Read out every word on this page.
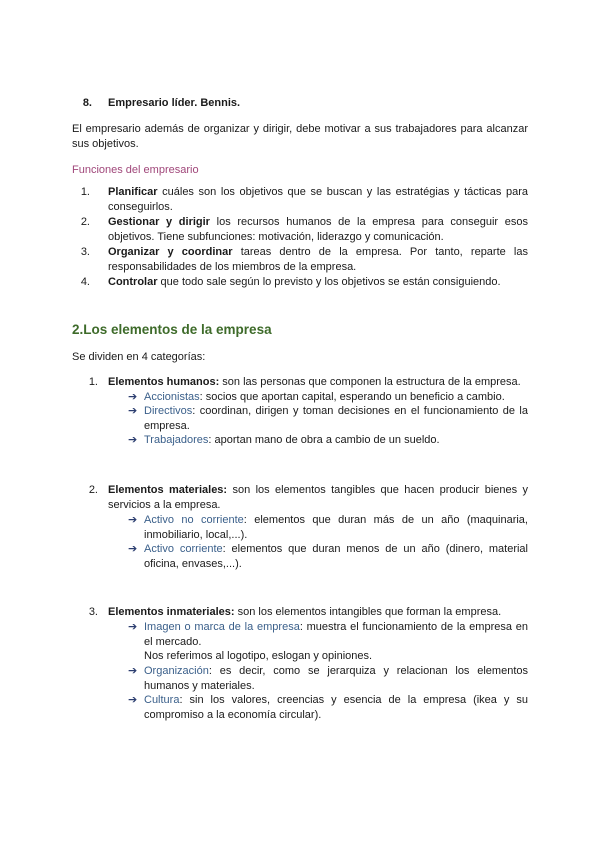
8. Empresario líder. Bennis.
El empresario además de organizar y dirigir, debe motivar a sus trabajadores para alcanzar sus objetivos.
Funciones del empresario
1. Planificar cuáles son los objetivos que se buscan y las estratégias y tácticas para conseguirlos.
2. Gestionar y dirigir los recursos humanos de la empresa para conseguir esos objetivos. Tiene subfunciones: motivación, liderazgo y comunicación.
3. Organizar y coordinar tareas dentro de la empresa. Por tanto, reparte las responsabilidades de los miembros de la empresa.
4. Controlar que todo sale según lo previsto y los objetivos se están consiguiendo.
2.Los elementos de la empresa
Se dividen en 4 categorías:
1. Elementos humanos: son las personas que componen la estructura de la empresa.
➔ Accionistas: socios que aportan capital, esperando un beneficio a cambio.
➔ Directivos: coordinan, dirigen y toman decisiones en el funcionamiento de la empresa.
➔ Trabajadores: aportan mano de obra a cambio de un sueldo.
2. Elementos materiales: son los elementos tangibles que hacen producir bienes y servicios a la empresa.
➔ Activo no corriente: elementos que duran más de un año (maquinaria, inmobiliario, local,...).
➔ Activo corriente: elementos que duran menos de un año (dinero, material oficina, envases,...).
3. Elementos inmateriales: son los elementos intangibles que forman la empresa.
➔ Imagen o marca de la empresa: muestra el funcionamiento de la empresa en el mercado.
Nos referimos al logotipo, eslogan y opiniones.
➔ Organización: es decir, como se jerarquiza y relacionan los elementos humanos y materiales.
➔ Cultura: sin los valores, creencias y esencia de la empresa (ikea y su compromiso a la economía circular).
